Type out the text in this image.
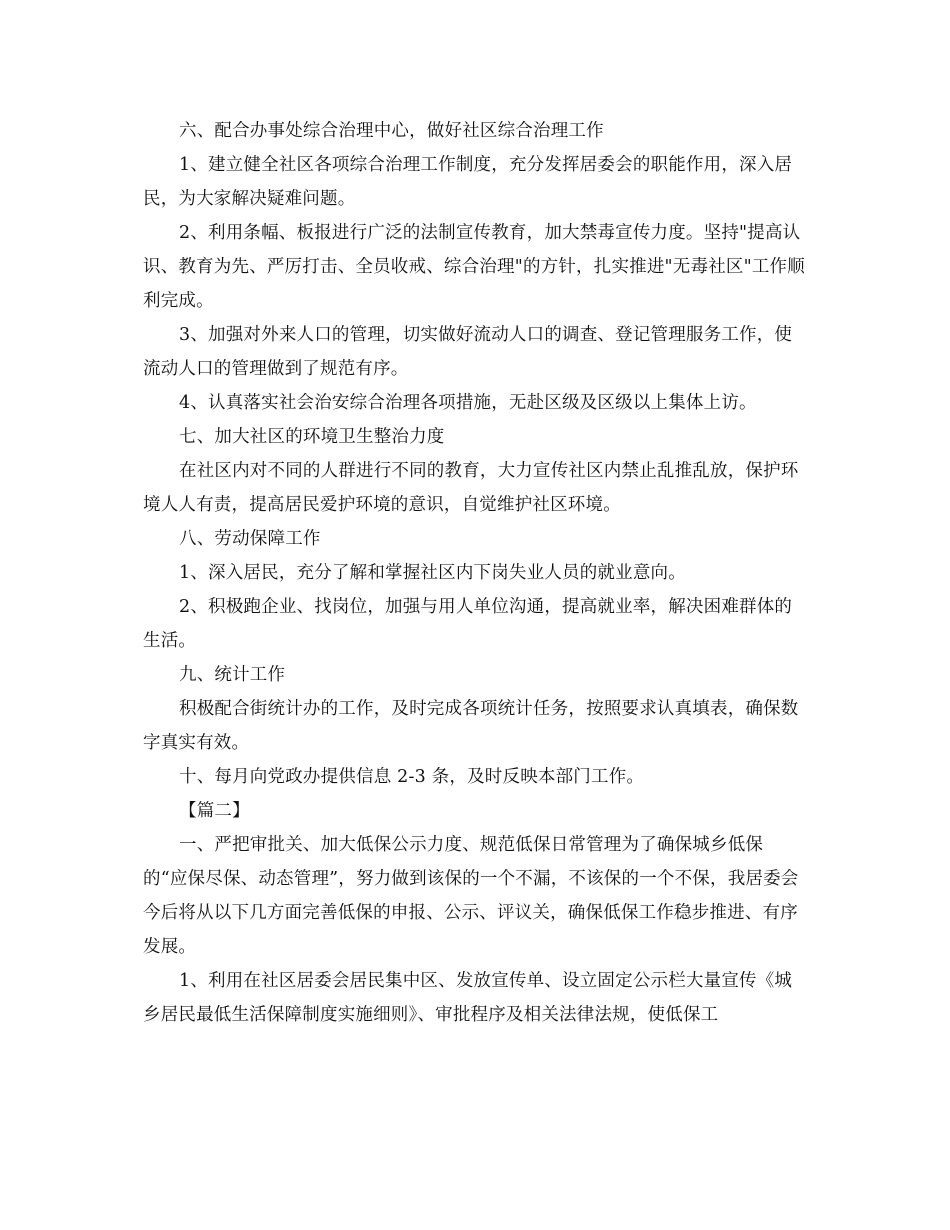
六、配合办事处综合治理中心，做好社区综合治理工作

1、建立健全社区各项综合治理工作制度，充分发挥居委会的职能作用，深入居民，为大家解决疑难问题。

2、利用条幅、板报进行广泛的法制宣传教育，加大禁毒宣传力度。坚持"提高认识、教育为先、严厉打击、全员收戒、综合治理"的方针，扎实推进"无毒社区"工作顺利完成。

3、加强对外来人口的管理，切实做好流动人口的调查、登记管理服务工作，使流动人口的管理做到了规范有序。

4、认真落实社会治安综合治理各项措施，无赴区级及区级以上集体上访。

七、加大社区的环境卫生整治力度

在社区内对不同的人群进行不同的教育，大力宣传社区内禁止乱推乱放，保护环境人人有责，提高居民爱护环境的意识，自觉维护社区环境。

八、劳动保障工作

1、深入居民，充分了解和掌握社区内下岗失业人员的就业意向。

2、积极跑企业、找岗位，加强与用人单位沟通，提高就业率，解决困难群体的生活。

九、统计工作

积极配合街统计办的工作，及时完成各项统计任务，按照要求认真填表，确保数字真实有效。

十、每月向党政办提供信息 2-3 条，及时反映本部门工作。

【篇二】

一、严把审批关、加大低保公示力度、规范低保日常管理为了确保城乡低保的“应保尽保、动态管理”，努力做到该保的一个不漏，不该保的一个不保，我居委会今后将从以下几方面完善低保的申报、公示、评议关，确保低保工作稳步推进、有序发展。

1、利用在社区居委会居民集中区、发放宣传单、设立固定公示栏大量宣传《城乡居民最低生活保障制度实施细则》、审批程序及相关法律法规，使低保工
